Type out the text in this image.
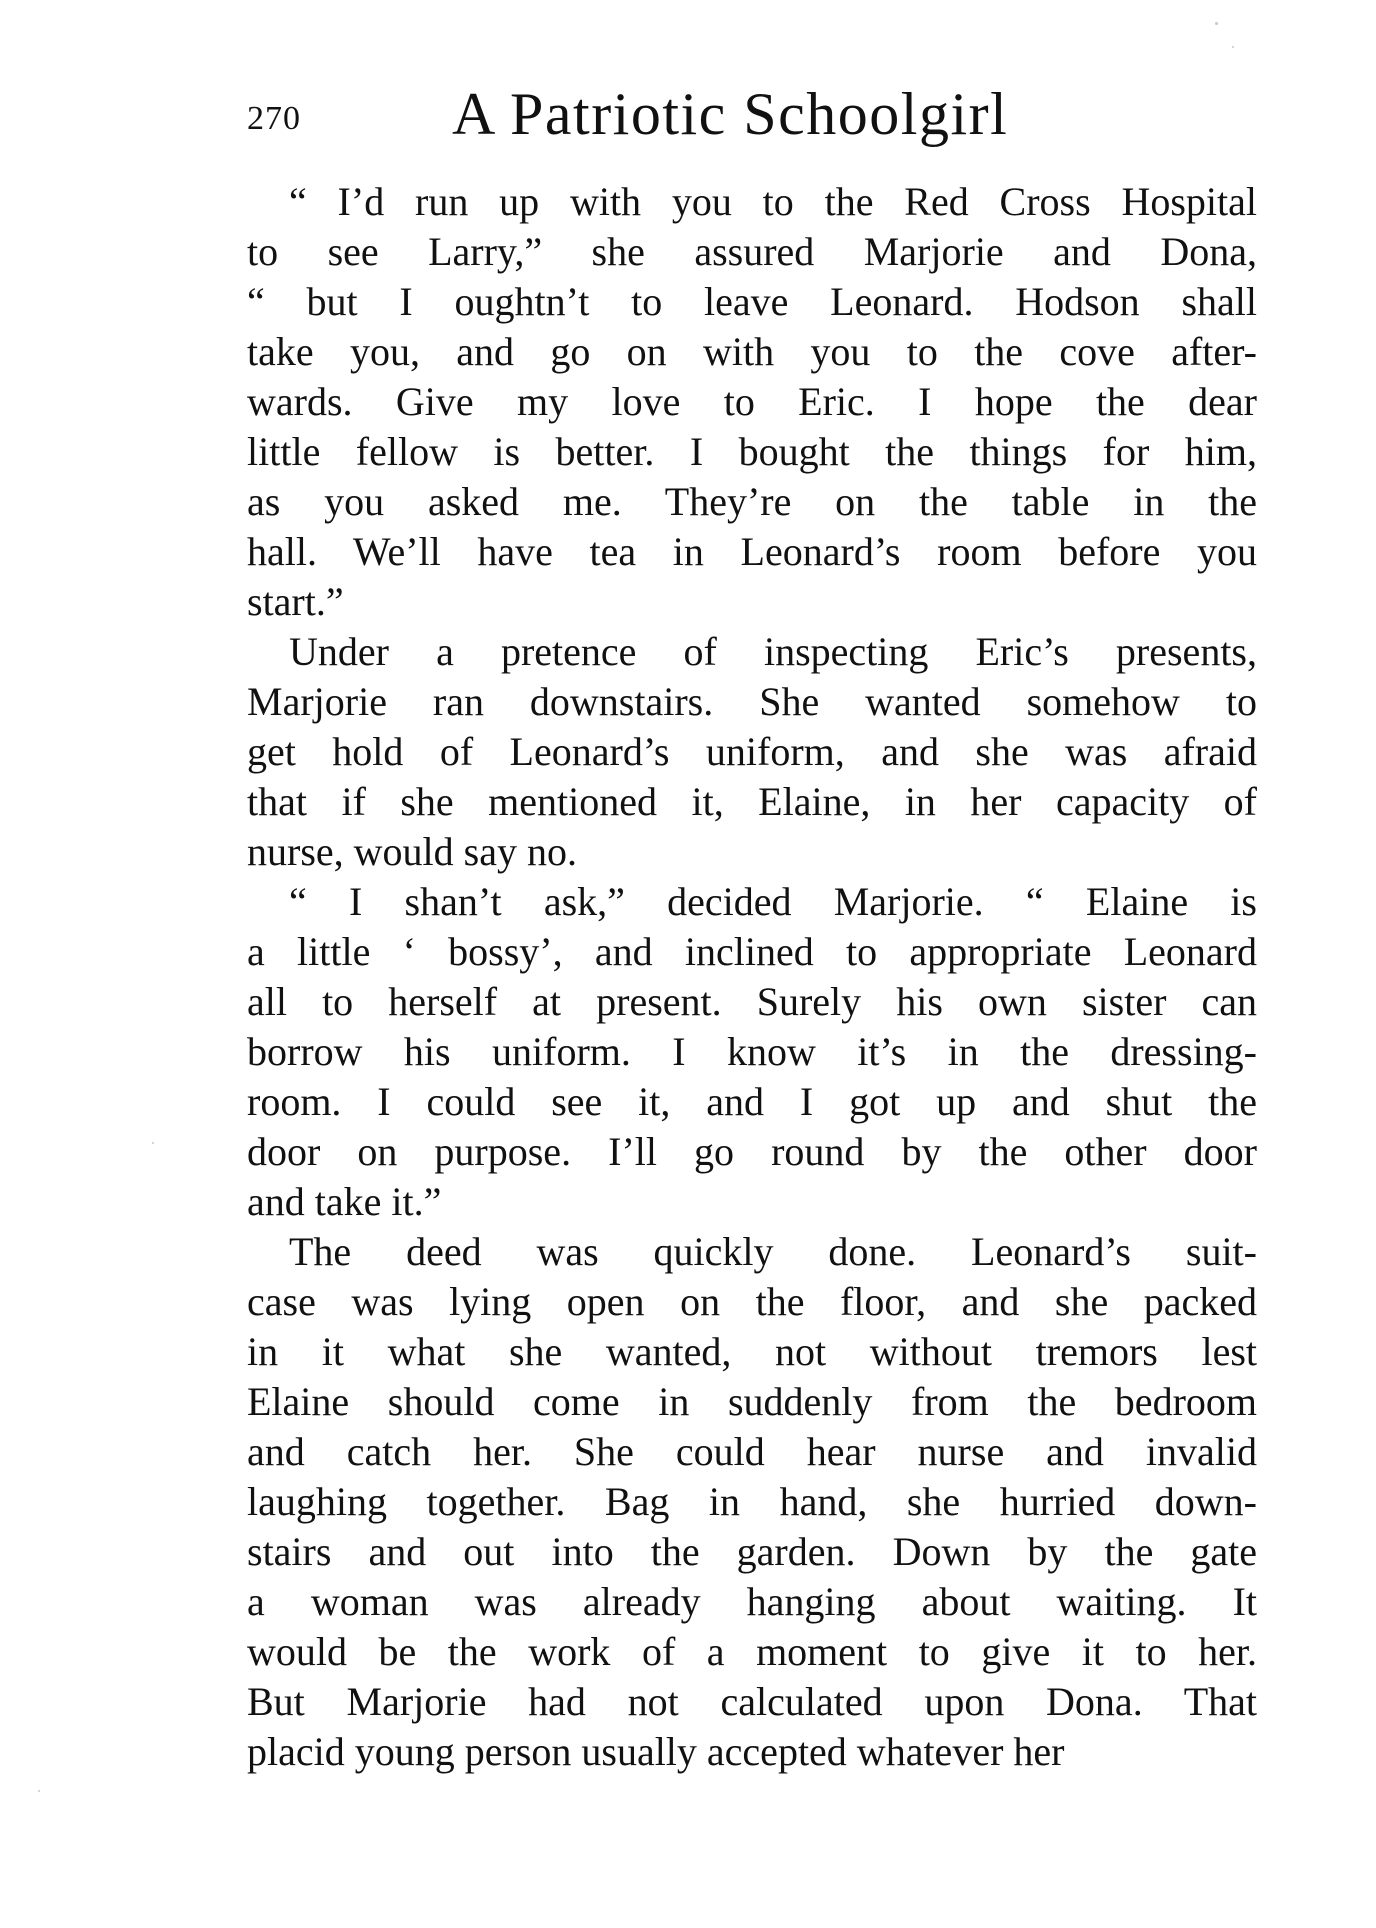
270	A Patriotic Schoolgirl
“ I’d run up with you to the Red Cross Hospital
to see Larry,” she assured Marjorie and Dona,
“ but I oughtn’t to leave Leonard. Hodson shall
take you, and go on with you to the cove after-
wards. Give my love to Eric. I hope the dear
little fellow is better. I bought the things for him,
as you asked me. They’re on the table in the
hall. We’ll have tea in Leonard’s room before you
start.”
Under a pretence of inspecting Eric’s presents,
Marjorie ran downstairs. She wanted somehow to
get hold of Leonard’s uniform, and she was afraid
that if she mentioned it, Elaine, in her capacity of
nurse, would say no.
“ I shan’t ask,” decided Marjorie. “ Elaine is
a little ‘ bossy’, and inclined to appropriate Leonard
all to herself at present. Surely his own sister can
borrow his uniform. I know it’s in the dressing-
room. I could see it, and I got up and shut the
door on purpose. I’ll go round by the other door
and take it.”
The deed was quickly done. Leonard’s suit-
case was lying open on the floor, and she packed
in it what she wanted, not without tremors lest
Elaine should come in suddenly from the bedroom
and catch her. She could hear nurse and invalid
laughing together. Bag in hand, she hurried down-
stairs and out into the garden. Down by the gate
a woman was already hanging about waiting. It
would be the work of a moment to give it to her.
But Marjorie had not calculated upon Dona. That
placid young person usually accepted whatever her
